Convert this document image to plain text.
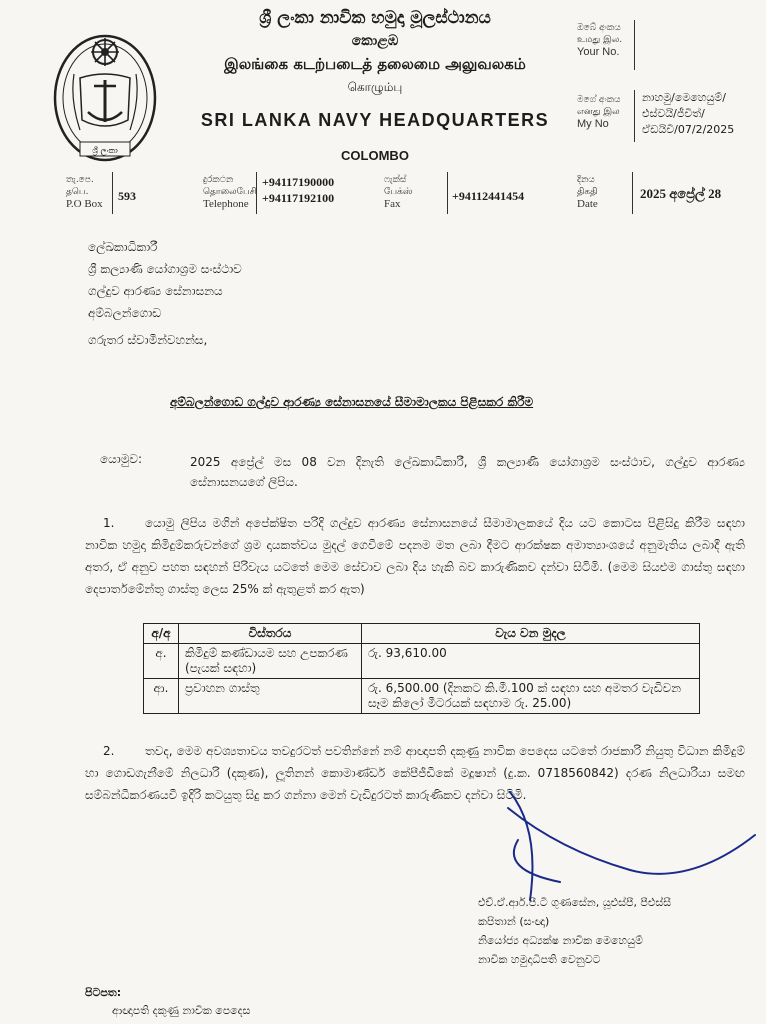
ශ්‍රී ලංකා
ශ්‍රී ලංකා නාවික හමුදා මූලස්ථානය
කොළඹ
இலங்கை கடற்படைத் தலைமை அலுவலகம்
கொழும்பு
SRI LANKA NAVY HEADQUARTERS
COLOMBO
ඔබේ අංකය
உமது இல.
Your No.
මගේ අංකය
எனது இல
My No
නාහමු/මෙහෙයුම්/
එස්වයි/ජීවිත්/
ඒඩයිවී/07/2/2025
තැ.පෙ.
தபெ.
P.O Box
593
දුරකථන
தொலைபேசி
Telephone
+94117190000
+94117192100
ෆැක්ස්
பேக்ஸ்
Fax
+94112441454
දිනය
திகதி
Date
2025 අප්‍රේල් 28
ලේඛකාධිකාරී
ශ්‍රී කල්‍යාණි යෝගාශ්‍රම සංස්ථාව
ගල්දුව ආරණ්‍ය සේනාසනය
අම්බලන්ගොඩ
ගරුතර ස්වාමීන්වහන්ස,
අම්බලන්ගොඩ ගල්දුව ආරණ්‍ය සේනාසනයේ සීමාමාලකය පිළිසකර කිරීම
යොමුව:	2025 අප්‍රේල් මස 08 වන දිනැති ලේඛකාධිකාරී, ශ්‍රී කල්‍යාණී යෝගාශ්‍රම සංස්ථාව, ගල්දුව ආරණ්‍ය සේනාසනයගේ ලිපිය.
1.	යොමු ලිපිය මගින් අපේක්ෂිත පරිදි ගල්දුව ආරණ්‍ය සේනාසනයේ සීමාමාලකයේ දිය යට කොටස පිළිසිදු කිරීම සඳහා නාවික හමුදා කිමිදුම්කරුවන්ගේ ශ්‍රම දායකත්වය මුදල් ගෙවීමේ පදනම මත ලබා දීමට ආරක්ෂක අමාත්‍යාංශයේ අනුමැතිය ලබාදී ඇති අතර, ඒ අනුව පහත සඳහන් පිරිවැය යටතේ මෙම සේවාව ලබා දිය හැකි බව කාරුණිකව දන්වා සිටිමි. (මෙම සියළුම ගාස්තු සඳහා දෙපාර්තමේන්තු ගාස්තු ලෙස 25% ක් ඇතුළත් කර ඇත)
අ/අ	විස්තරය	වැය වන මුදල
අ.	කිමිදුම් කණ්ඩායම සහ උපකරණ (පැයක් සඳහා)	රු. 93,610.00
ආ.	ප්‍රවාහන ගාස්තු	රු. 6,500.00 (දිනකට කි.මී.100 ක් සඳහා සහ අමතර වැඩිවන සෑම කිලෝ මීටරයක් සඳහාම රු. 25.00)
2.	තවද, මෙම අවශ්‍යතාවය තවදුරටත් පවතින්නේ නම් ආඥාපති දකුණු නාවික පෙදෙස යටතේ රාජකාරි නියුතු විධාන කිමිදුම් හා ගොඩගැනීමේ නිලධාරි (දකුණ), ලූතිනන් කොමාණ්ඩර් කේපීජීඩීකේ මදූෂාන් (දු.ක. 0718560842) දරණ නිලධාරියා සමඟ සම්බන්ධීකරණයවී ඉදිරි කටයුතු සිදු කර ගන්නා මෙන් වැඩිදුරටත් කාරුණිකව දන්වා සිටිමි.
එච්.ඒ.ආර්.පී.ටී ගුණසේන, යූඑස්පී, පීඑස්සී
කපිතාන් (සංඥා)
නියෝජ්‍ය අධ්‍යක්ෂ නාවික මෙහෙයුම්
නාවික හමුදාධිපති වෙනුවට
පිටපත:
ආඥාපති දකුණු නාවික පෙදෙස
